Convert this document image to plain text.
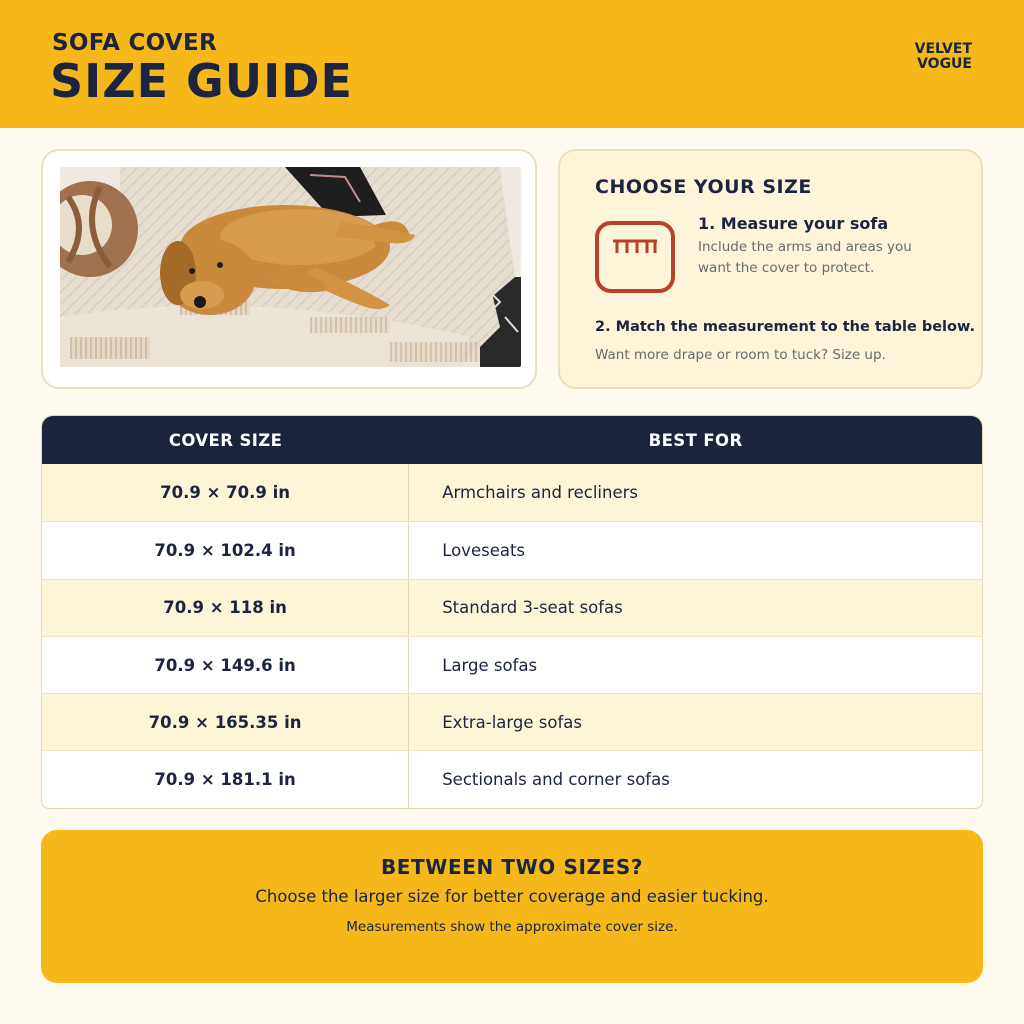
SOFA COVER
SIZE GUIDE
VELVET
VOGUE
CHOOSE YOUR SIZE
1. Measure your sofa
Include the arms and areas you want the cover to protect.
2. Match the measurement to the table below.
Want more drape or room to tuck? Size up.
COVER SIZE	BEST FOR
70.9 × 70.9 in	Armchairs and recliners
70.9 × 102.4 in	Loveseats
70.9 × 118 in	Standard 3-seat sofas
70.9 × 149.6 in	Large sofas
70.9 × 165.35 in	Extra-large sofas
70.9 × 181.1 in	Sectionals and corner sofas
BETWEEN TWO SIZES?
Choose the larger size for better coverage and easier tucking.
Measurements show the approximate cover size.
